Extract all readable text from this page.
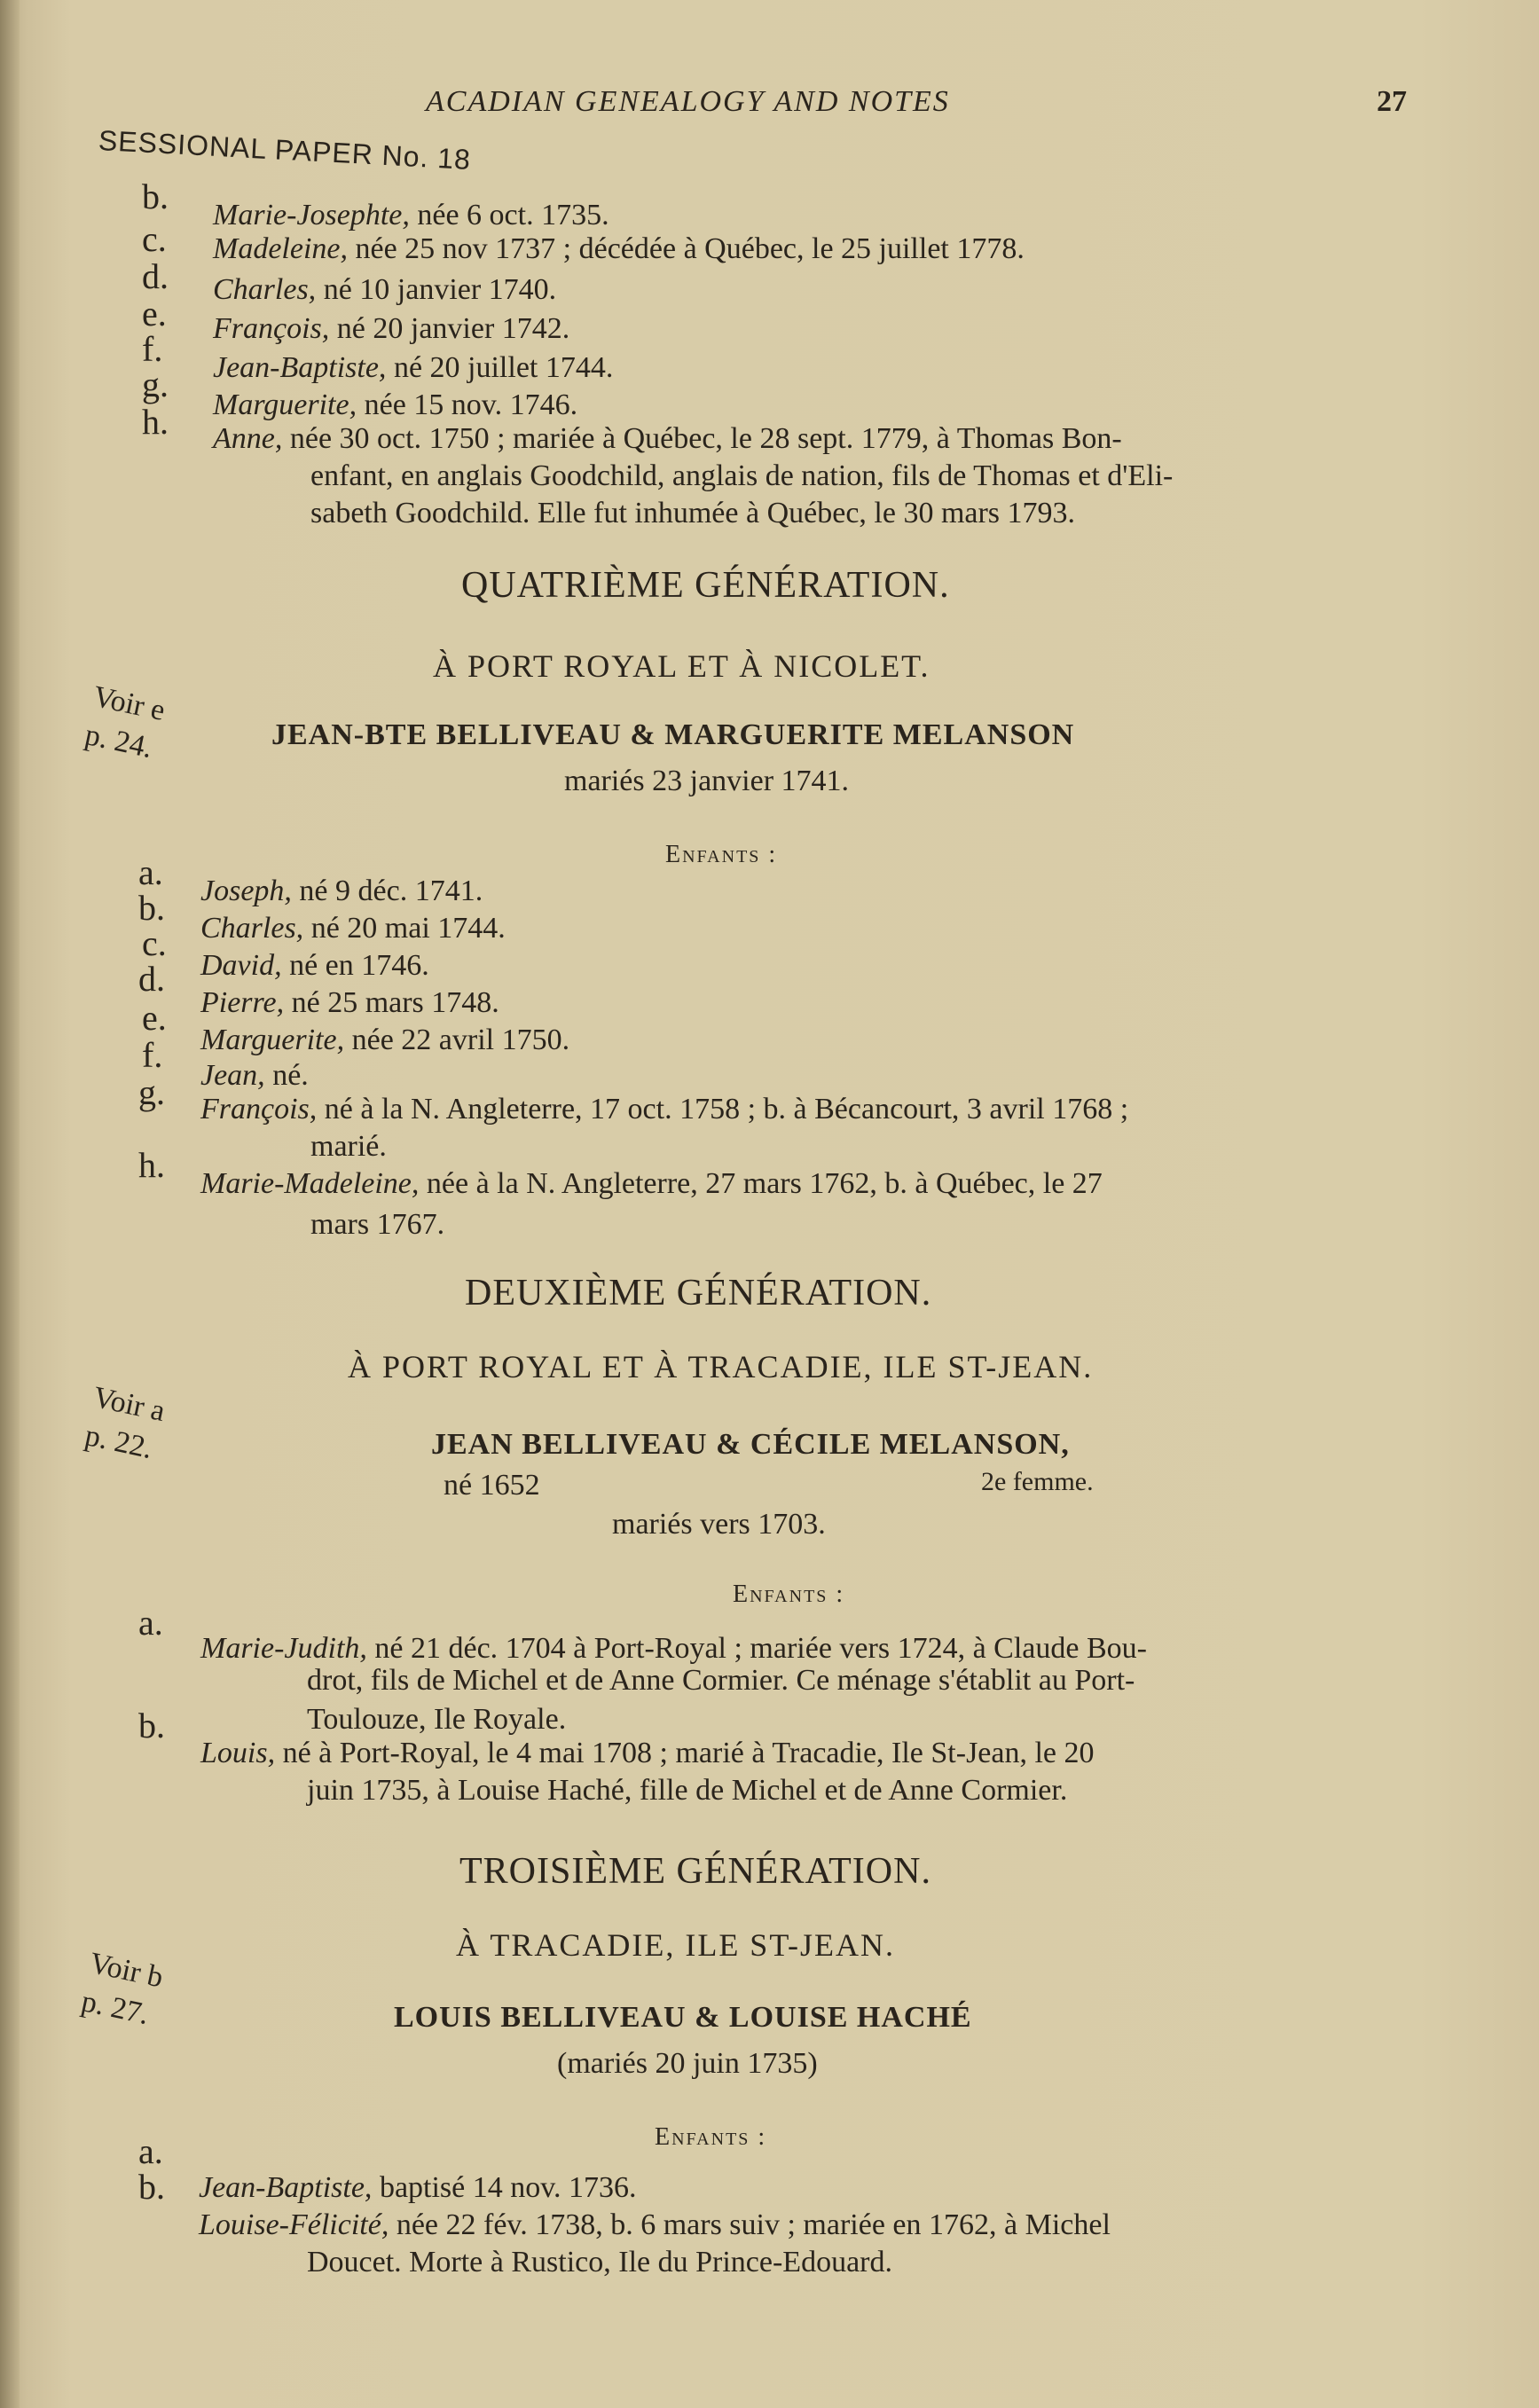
ACADIAN GENEALOGY AND NOTES	27
SESSIONAL PAPER No. 18
b. Marie-Josephte, née 6 oct. 1735.
c. Madeleine, née 25 nov 1737 ; décédée à Québec, le 25 juillet 1778.
d. Charles, né 10 janvier 1740.
e. François, né 20 janvier 1742.
f. Jean-Baptiste, né 20 juillet 1744.
g.
Marguerite, née 15 nov. 1746.
h. Anne, née 30 oct. 1750 ; mariée à Québec, le 28 sept. 1779, à Thomas Bon-
enfant, en anglais Goodchild, anglais de nation, fils de Thomas et d'Eli-
sabeth Goodchild. Elle fut inhumée à Québec, le 30 mars 1793.
QUATRIÈME GÉNÉRATION.
À PORT ROYAL ET À NICOLET.
Voir e
p. 24.	JEAN-BTE BELLIVEAU & MARGUERITE MELANSON
mariés 23 janvier 1741.
Enfants :
a. Joseph, né 9 déc. 1741.
b.
Charles, né 20 mai 1744.
c.
David, né en 1746.
d.
Pierre, né 25 mars 1748.
e.
Marguerite, née 22 avril 1750.
f.
Jean, né.
g. François, né à la N. Angleterre, 17 oct. 1758 ; b. à Bécancourt, 3 avril 1768 ;
marié.
h. Marie-Madeleine, née à la N. Angleterre, 27 mars 1762, b. à Québec, le 27
mars 1767.
DEUXIÈME GÉNÉRATION.
À PORT ROYAL ET À TRACADIE, ILE ST-JEAN.
Voir a
p. 22.	JEAN BELLIVEAU & CÉCILE MELANSON,
né 1652	2e femme.
mariés vers 1703.
Enfants :
a.
Marie-Judith, né 21 déc. 1704 à Port-Royal ; mariée vers 1724, à Claude Bou-
drot, fils de Michel et de Anne Cormier. Ce ménage s'établit au Port-
Toulouze, Ile Royale.
b.
Louis, né à Port-Royal, le 4 mai 1708 ; marié à Tracadie, Ile St-Jean, le 20
juin 1735, à Louise Haché, fille de Michel et de Anne Cormier.
TROISIÈME GÉNÉRATION.
À TRACADIE, ILE ST-JEAN.
Voir b
p. 27.	LOUIS BELLIVEAU & LOUISE HACHÉ
(mariés 20 juin 1735)
Enfants :
a.
Jean-Baptiste, baptisé 14 nov. 1736.
b.
Louise-Félicité, née 22 fév. 1738, b. 6 mars suiv ; mariée en 1762, à Michel
Doucet. Morte à Rustico, Ile du Prince-Edouard.
